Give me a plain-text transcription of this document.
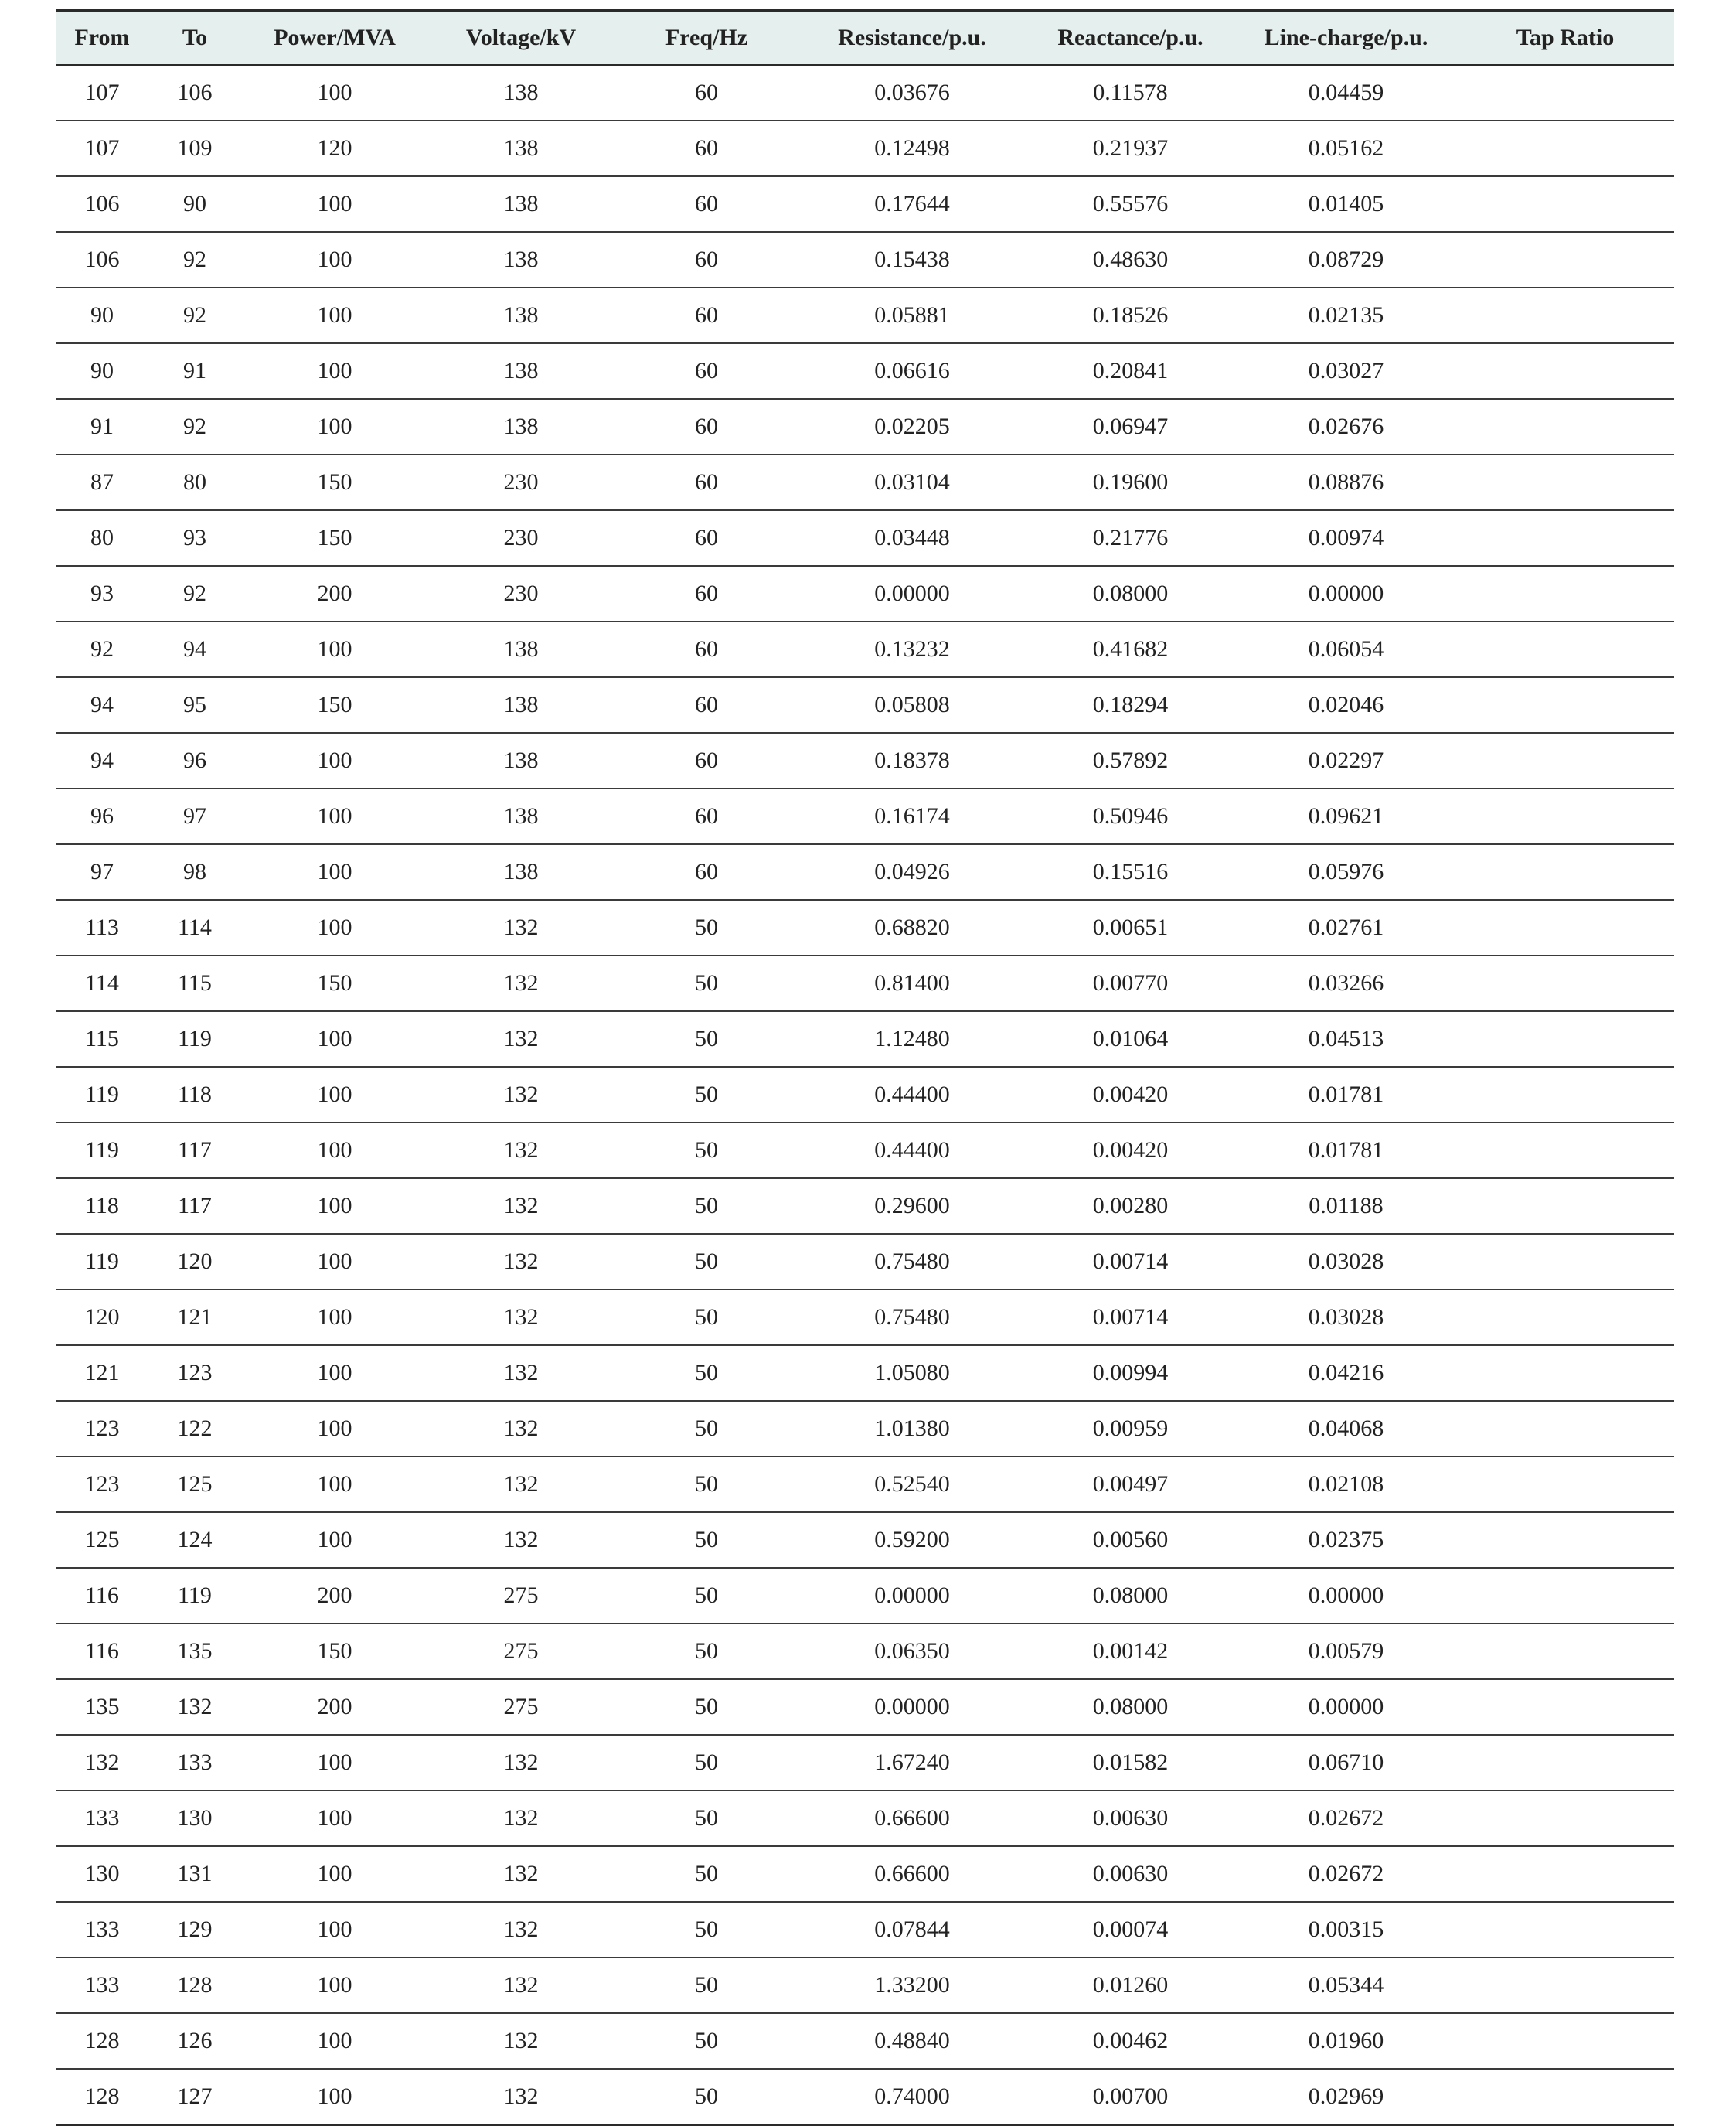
From	To	Power/MVA	Voltage/kV	Freq/Hz	Resistance/p.u.	Reactance/p.u.	Line-charge/p.u.	Tap Ratio
107	106	100	138	60	0.03676	0.11578	0.04459	
107	109	120	138	60	0.12498	0.21937	0.05162	
106	90	100	138	60	0.17644	0.55576	0.01405	
106	92	100	138	60	0.15438	0.48630	0.08729	
90	92	100	138	60	0.05881	0.18526	0.02135	
90	91	100	138	60	0.06616	0.20841	0.03027	
91	92	100	138	60	0.02205	0.06947	0.02676	
87	80	150	230	60	0.03104	0.19600	0.08876	
80	93	150	230	60	0.03448	0.21776	0.00974	
93	92	200	230	60	0.00000	0.08000	0.00000	
92	94	100	138	60	0.13232	0.41682	0.06054	
94	95	150	138	60	0.05808	0.18294	0.02046	
94	96	100	138	60	0.18378	0.57892	0.02297	
96	97	100	138	60	0.16174	0.50946	0.09621	
97	98	100	138	60	0.04926	0.15516	0.05976	
113	114	100	132	50	0.68820	0.00651	0.02761	
114	115	150	132	50	0.81400	0.00770	0.03266	
115	119	100	132	50	1.12480	0.01064	0.04513	
119	118	100	132	50	0.44400	0.00420	0.01781	
119	117	100	132	50	0.44400	0.00420	0.01781	
118	117	100	132	50	0.29600	0.00280	0.01188	
119	120	100	132	50	0.75480	0.00714	0.03028	
120	121	100	132	50	0.75480	0.00714	0.03028	
121	123	100	132	50	1.05080	0.00994	0.04216	
123	122	100	132	50	1.01380	0.00959	0.04068	
123	125	100	132	50	0.52540	0.00497	0.02108	
125	124	100	132	50	0.59200	0.00560	0.02375	
116	119	200	275	50	0.00000	0.08000	0.00000	
116	135	150	275	50	0.06350	0.00142	0.00579	
135	132	200	275	50	0.00000	0.08000	0.00000	
132	133	100	132	50	1.67240	0.01582	0.06710	
133	130	100	132	50	0.66600	0.00630	0.02672	
130	131	100	132	50	0.66600	0.00630	0.02672	
133	129	100	132	50	0.07844	0.00074	0.00315	
133	128	100	132	50	1.33200	0.01260	0.05344	
128	126	100	132	50	0.48840	0.00462	0.01960	
128	127	100	132	50	0.74000	0.00700	0.02969	
